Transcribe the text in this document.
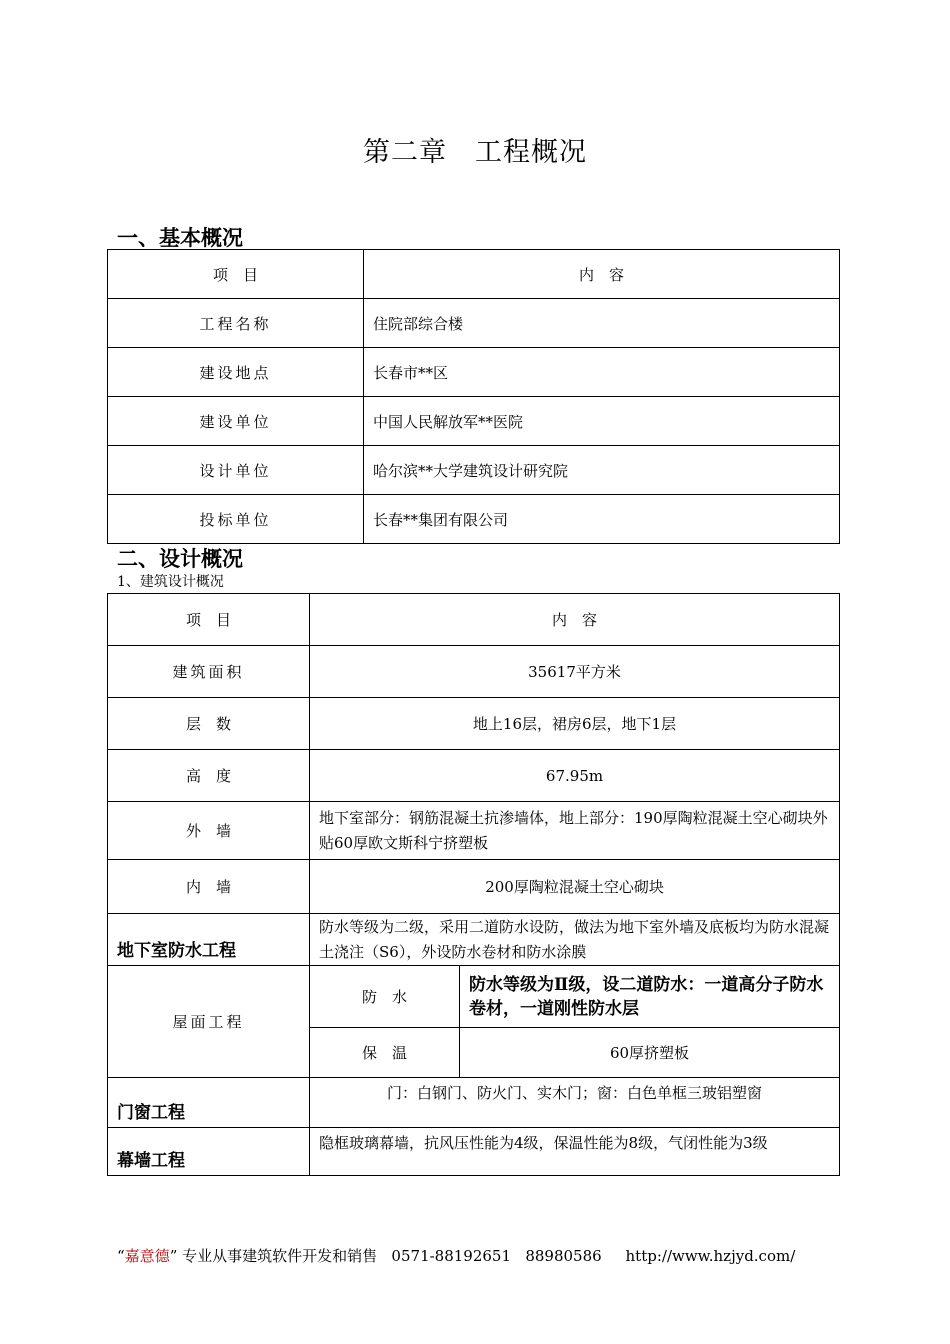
第二章　工程概况
一、基本概况
项　目	内　容
工程名称	住院部综合楼
建设地点	长春市**区
建设单位	中国人民解放军**医院
设计单位	哈尔滨**大学建筑设计研究院
投标单位	长春**集团有限公司
二、设计概况
1、建筑设计概况
项　目	内　容	
建筑面积	35617平方米	
层　数	地上16层，裙房6层，地下1层	
高　度	67.95m	
外　墙	地下室部分：钢筋混凝土抗渗墙体，地上部分：190厚陶粒混凝土空心砌块外贴60厚欧文斯科宁挤塑板	
内　墙	200厚陶粒混凝土空心砌块	
地下室防水工程	防水等级为二级，采用二道防水设防，做法为地下室外墙及底板均为防水混凝土浇注（S6），外设防水卷材和防水涂膜	
屋面工程	防　水	防水等级为Ⅱ级，设二道防水：一道高分子防水卷材，一道刚性防水层
	保　温	60厚挤塑板
门窗工程	门：白钢门、防火门、实木门；窗：白色单框三玻铝塑窗	
幕墙工程	隐框玻璃幕墙，抗风压性能为4级，保温性能为8级，气闭性能为3级	
“嘉意德” 专业从事建筑软件开发和销售   0571-88192651   88980586     http://www.hzjyd.com/
